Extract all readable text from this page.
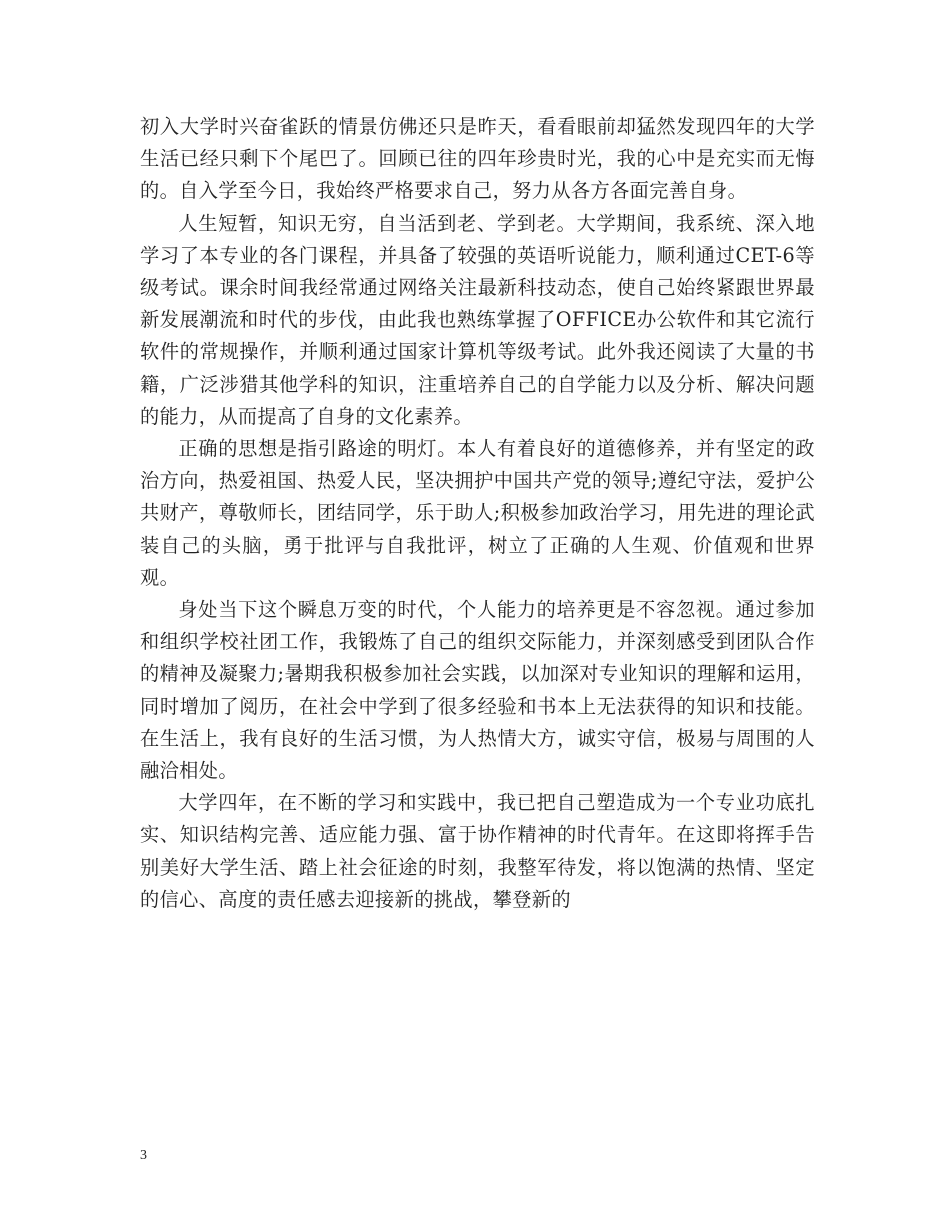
初入大学时兴奋雀跃的情景仿佛还只是昨天，看看眼前却猛然发现四年的大学生活已经只剩下个尾巴了。回顾已往的四年珍贵时光，我的心中是充实而无悔的。自入学至今日，我始终严格要求自己，努力从各方各面完善自身。

人生短暂，知识无穷，自当活到老、学到老。大学期间，我系统、深入地学习了本专业的各门课程，并具备了较强的英语听说能力，顺利通过CET-6等级考试。课余时间我经常通过网络关注最新科技动态，使自己始终紧跟世界最新发展潮流和时代的步伐，由此我也熟练掌握了OFFICE办公软件和其它流行软件的常规操作，并顺利通过国家计算机等级考试。此外我还阅读了大量的书籍，广泛涉猎其他学科的知识，注重培养自己的自学能力以及分析、解决问题的能力，从而提高了自身的文化素养。

正确的思想是指引路途的明灯。本人有着良好的道德修养，并有坚定的政治方向，热爱祖国、热爱人民，坚决拥护中国共产党的领导;遵纪守法，爱护公共财产，尊敬师长，团结同学，乐于助人;积极参加政治学习，用先进的理论武装自己的头脑，勇于批评与自我批评，树立了正确的人生观、价值观和世界观。

身处当下这个瞬息万变的时代，个人能力的培养更是不容忽视。通过参加和组织学校社团工作，我锻炼了自己的组织交际能力，并深刻感受到团队合作的精神及凝聚力;暑期我积极参加社会实践，以加深对专业知识的理解和运用，同时增加了阅历，在社会中学到了很多经验和书本上无法获得的知识和技能。在生活上，我有良好的生活习惯，为人热情大方，诚实守信，极易与周围的人融洽相处。

大学四年，在不断的学习和实践中，我已把自己塑造成为一个专业功底扎实、知识结构完善、适应能力强、富于协作精神的时代青年。在这即将挥手告别美好大学生活、踏上社会征途的时刻，我整军待发，将以饱满的热情、坚定的信心、高度的责任感去迎接新的挑战，攀登新的

3
